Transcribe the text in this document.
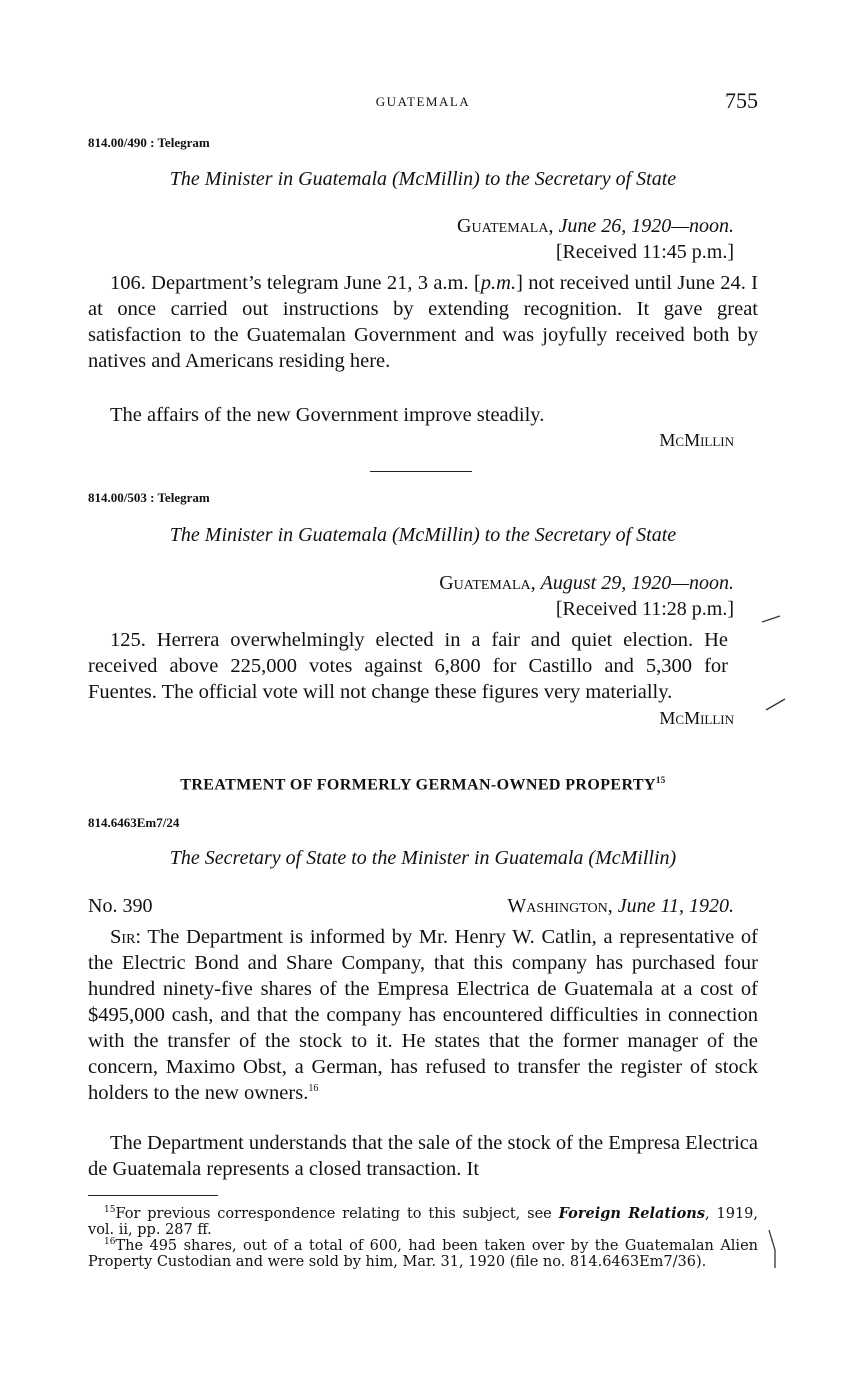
GUATEMALA	755
814.00/490 : Telegram
The Minister in Guatemala (McMillin) to the Secretary of State
Guatemala, June 26, 1920—noon.
[Received 11:45 p.m.]
106. Department’s telegram June 21, 3 a.m. [p.m.] not received until June 24. I at once carried out instructions by extending recognition. It gave great satisfaction to the Guatemalan Government and was joyfully received both by natives and Americans residing here.
The affairs of the new Government improve steadily.
McMillin
814.00/503 : Telegram
The Minister in Guatemala (McMillin) to the Secretary of State
Guatemala, August 29, 1920—noon.
[Received 11:28 p.m.]
125. Herrera overwhelmingly elected in a fair and quiet election. He received above 225,000 votes against 6,800 for Castillo and 5,300 for Fuentes. The official vote will not change these figures very materially.
McMillin
TREATMENT OF FORMERLY GERMAN-OWNED PROPERTY$^{15}$
814.6463Em7/24
The Secretary of State to the Minister in Guatemala (McMillin)
No. 390	Washington, June 11, 1920.
Sir: The Department is informed by Mr. Henry W. Catlin, a representative of the Electric Bond and Share Company, that this company has purchased four hundred ninety-five shares of the Empresa Electrica de Guatemala at a cost of $495,000 cash, and that the company has encountered difficulties in connection with the transfer of the stock to it. He states that the former manager of the concern, Maximo Obst, a German, has refused to transfer the register of stock holders to the new owners.$^{16}$
The Department understands that the sale of the stock of the Empresa Electrica de Guatemala represents a closed transaction. It
$^{15}$For previous correspondence relating to this subject, see Foreign Relations, 1919, vol. ii, pp. 287 ff.
$^{16}$The 495 shares, out of a total of 600, had been taken over by the Guatemalan Alien Property Custodian and were sold by him, Mar. 31, 1920 (file no. 814.6463Em7/36).
